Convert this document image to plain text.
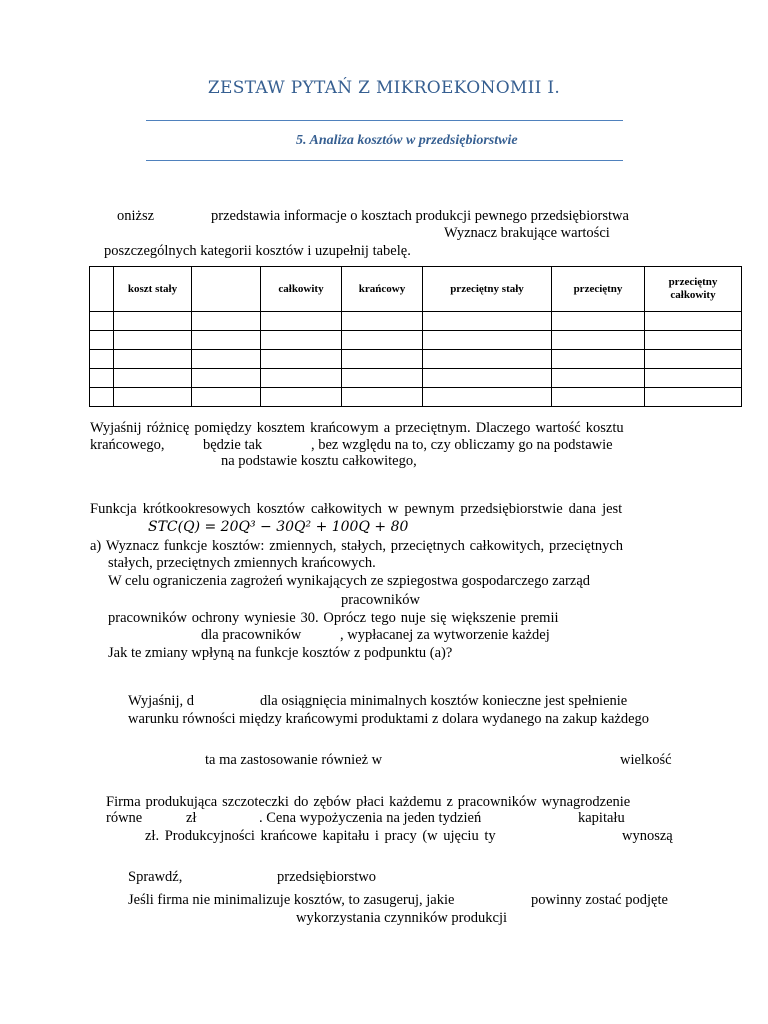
ZESTAW PYTAŃ Z MIKROEKONOMII I.
5. Analiza kosztów w przedsiębiorstwie
oniższ	przedstawia informacje o kosztach produkcji pewnego przedsiębiorstwa
Wyznacz brakujące wartości
poszczególnych kategorii kosztów i uzupełnij tabelę.
	koszt stały		całkowity	krańcowy	przeciętny stały	przeciętny	przeciętny całkowity

Wyjaśnij różnicę pomiędzy kosztem krańcowym a przeciętnym. Dlaczego wartość kosztu
krańcowego,	będzie tak	, bez względu na to, czy obliczamy go na podstawie
na podstawie kosztu całkowitego,
Funkcja krótkookresowych kosztów całkowitych w pewnym przedsiębiorstwie dana jest
STC(Q) = 20Q³ − 30Q² + 100Q + 80
a) Wyznacz funkcje kosztów: zmiennych, stałych, przeciętnych całkowitych, przeciętnych
stałych, przeciętnych zmiennych krańcowych.
W celu ograniczenia zagrożeń wynikających ze szpiegostwa gospodarczego zarząd
pracowników
pracowników ochrony wyniesie 30. Oprócz tego nuje się większenie premii
dla pracowników	, wypłacanej za wytworzenie każdej
Jak te zmiany wpłyną na funkcje kosztów z podpunktu (a)?
Wyjaśnij, d	dla osiągnięcia minimalnych kosztów konieczne jest spełnienie
warunku równości między krańcowymi produktami z dolara wydanego na zakup każdego
ta ma zastosowanie również w	wielkość
Firma produkująca szczoteczki do zębów płaci każdemu z pracowników wynagrodzenie
równe	zł	. Cena wypożyczenia na jeden tydzień	kapitału
zł. Produkcyjności krańcowe kapitału i pracy (w ujęciu ty	wynoszą
Sprawdź,	przedsiębiorstwo
Jeśli firma nie minimalizuje kosztów, to zasugeruj, jakie	powinny zostać podjęte
wykorzystania czynników produkcji
